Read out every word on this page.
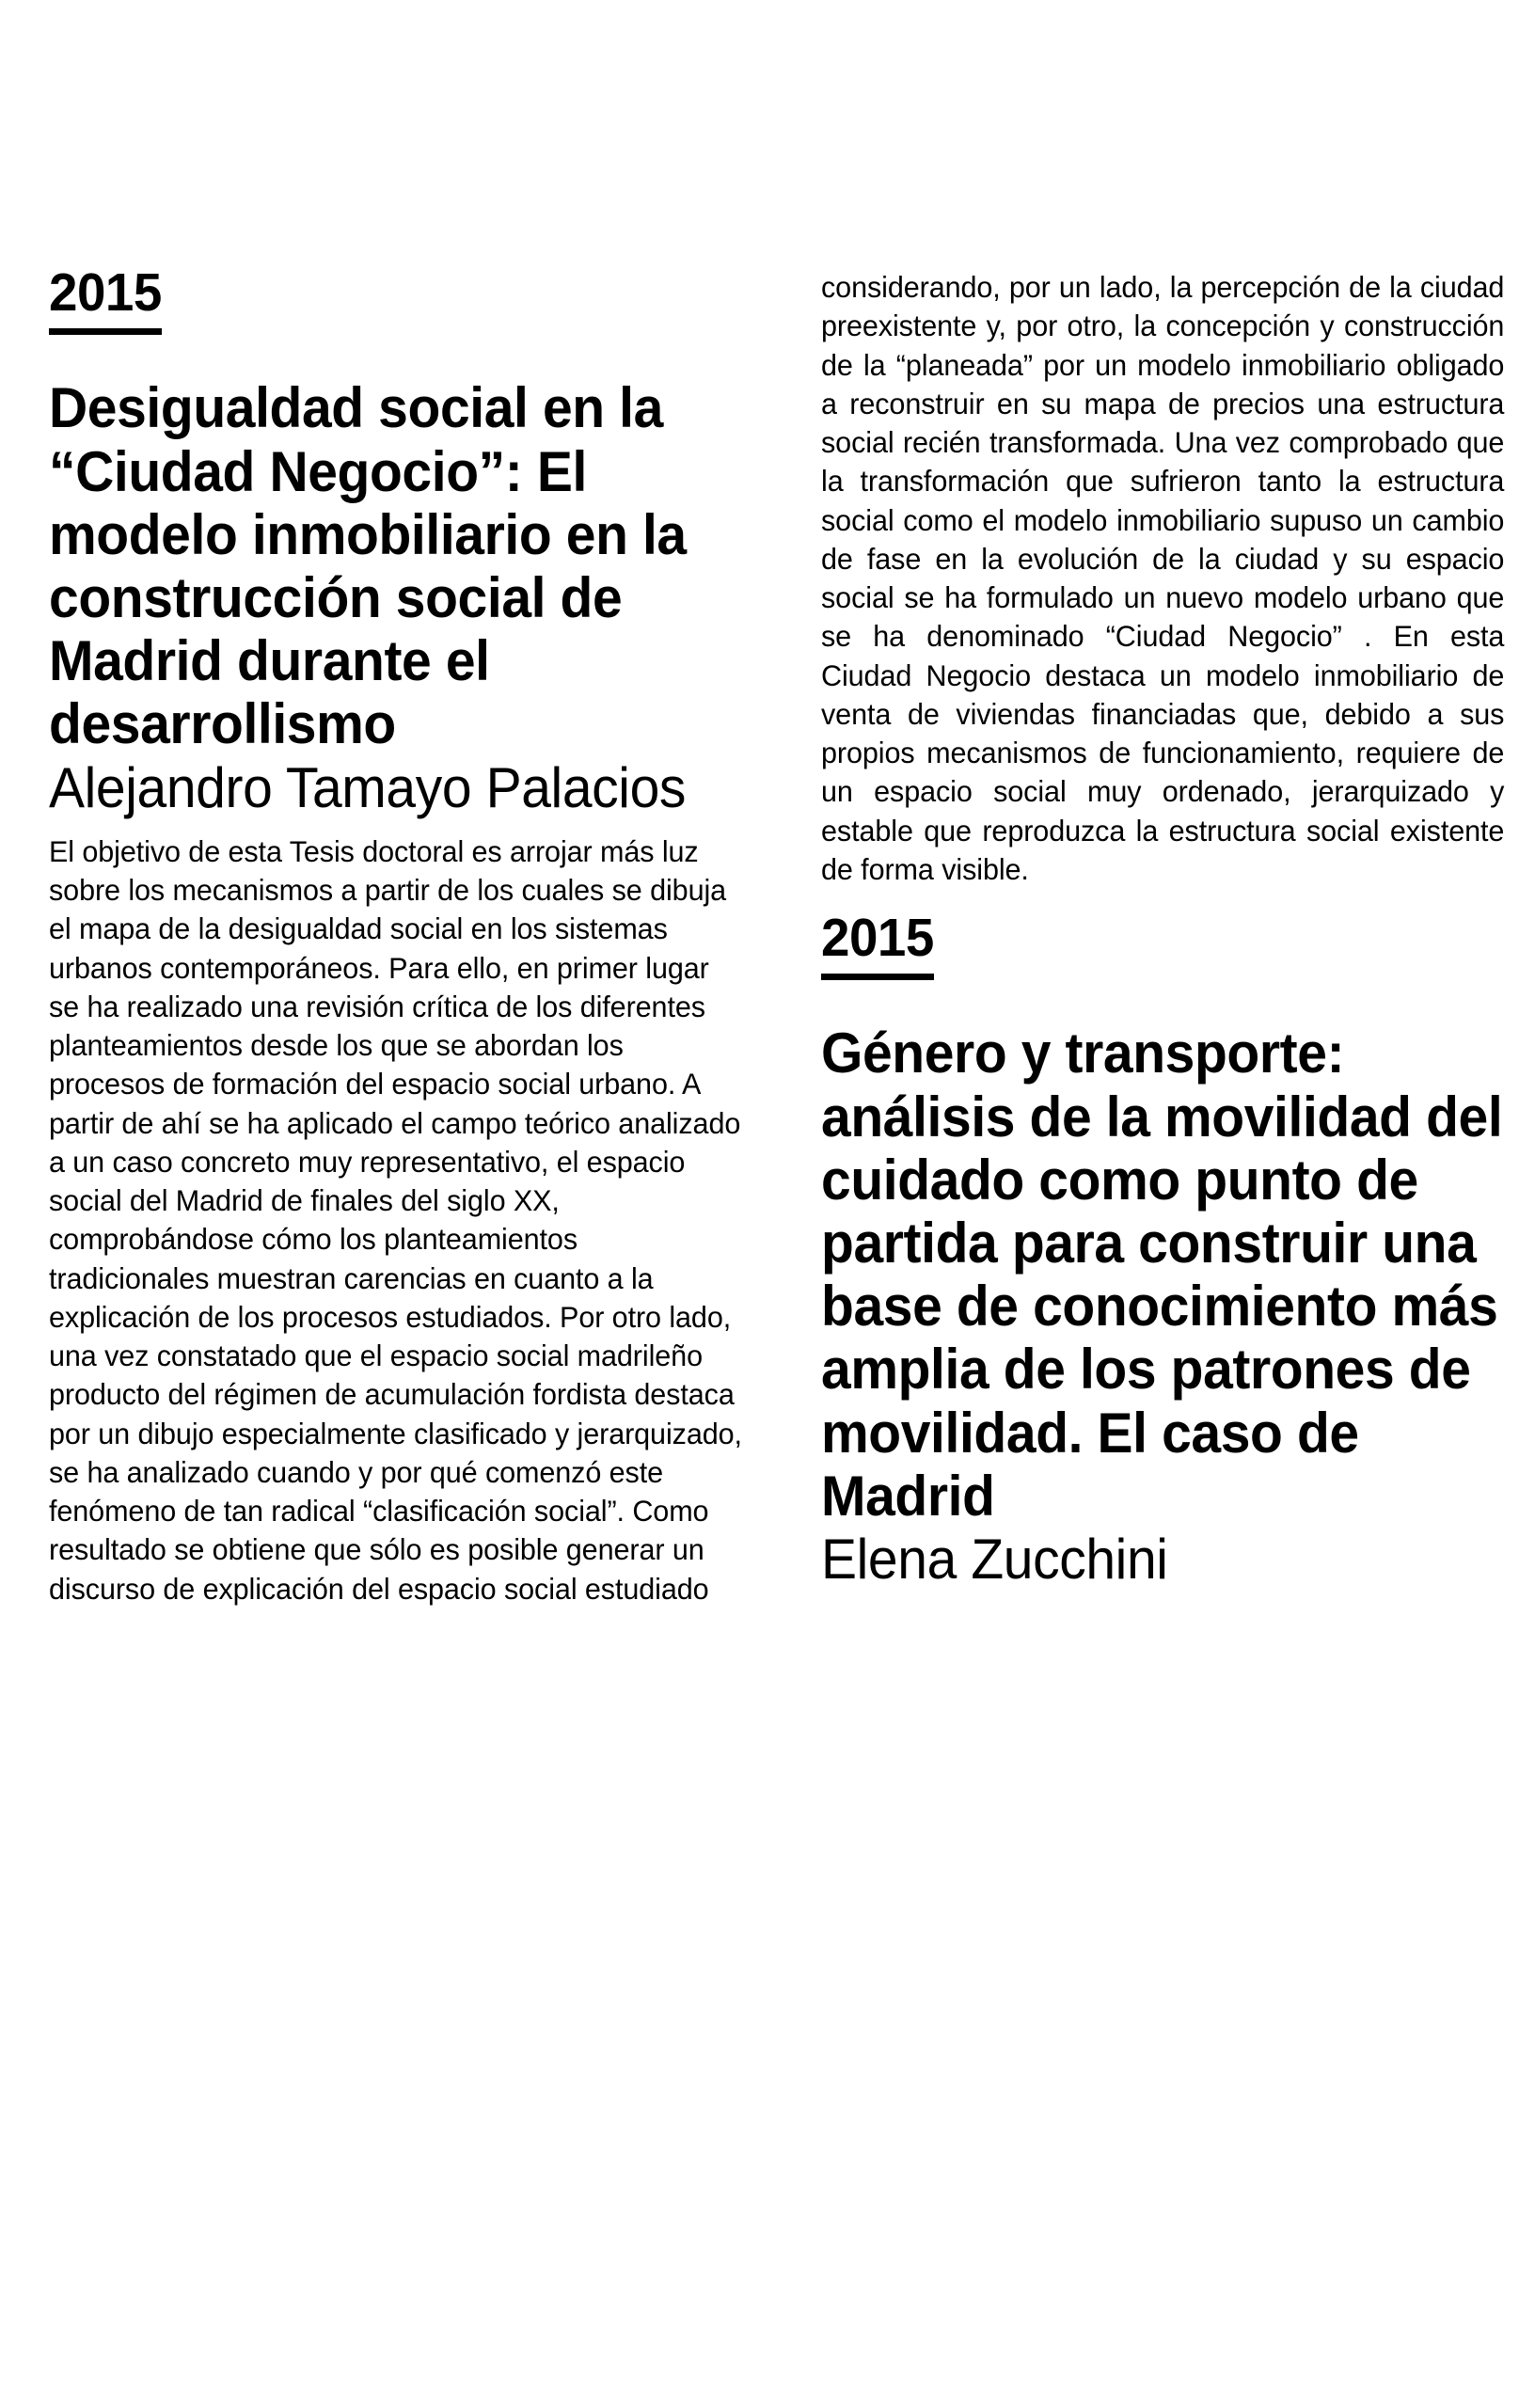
2015
Desigualdad social en la “Ciudad Negocio”: El modelo inmobiliario en la construcción social de Madrid durante el desarrollismo
Alejandro Tamayo Palacios

El objetivo de esta Tesis doctoral es arrojar más luz sobre los mecanismos a partir de los cuales se dibuja el mapa de la desigualdad social en los sistemas urbanos contemporáneos. Para ello, en primer lugar se ha realizado una revisión crítica de los diferentes planteamientos desde los que se abordan los procesos de formación del espacio social urbano. A partir de ahí se ha aplicado el campo teórico analizado a un caso concreto muy representativo, el espacio social del Madrid de finales del siglo XX, comprobándose cómo los planteamientos tradicionales muestran carencias en cuanto a la explicación de los procesos estudiados. Por otro lado, una vez constatado que el espacio social madrileño producto del régimen de acumulación fordista destaca por un dibujo especialmente clasificado y jerarquizado, se ha analizado cuando y por qué comenzó este fenómeno de tan radical “clasificación social”. Como resultado se obtiene que sólo es posible generar un discurso de explicación del espacio social estudiado

considerando, por un lado, la percepción de la ciudad preexistente y, por otro, la concepción y construcción de la “planeada” por un modelo inmobiliario obligado a reconstruir en su mapa de precios una estructura social recién transformada. Una vez comprobado que la transformación que sufrieron tanto la estructura social como el modelo inmobiliario supuso un cambio de fase en la evolución de la ciudad y su espacio social se ha formulado un nuevo modelo urbano que se ha denominado “Ciudad Negocio” . En esta Ciudad Negocio destaca un modelo inmobiliario de venta de viviendas financiadas que, debido a sus propios mecanismos de funcionamiento, requiere de un espacio social muy ordenado, jerarquizado y estable que reproduzca la estructura social existente de forma visible.

2015
Género y transporte: análisis de la movilidad del cuidado como punto de partida para construir una base de conocimiento más amplia de los patrones de movilidad. El caso de Madrid
Elena Zucchini
